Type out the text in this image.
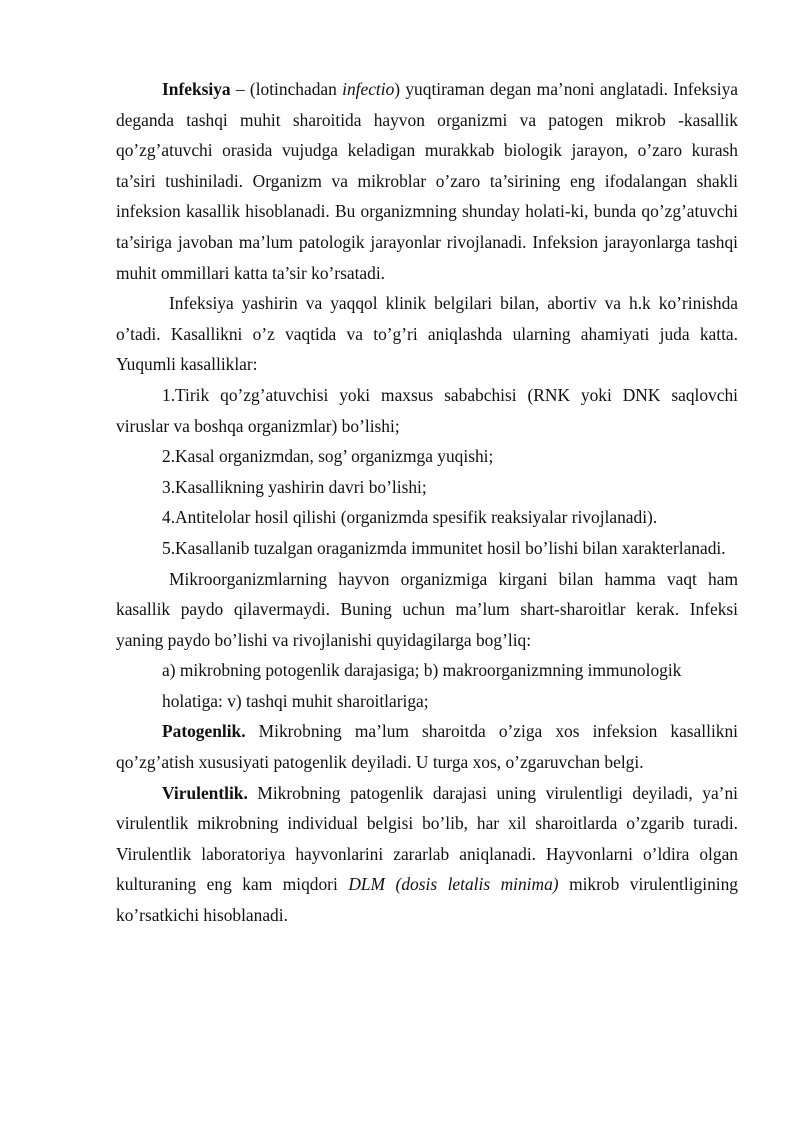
Infeksiya – (lotinchadan infectio) yuqtiraman degan ma’noni anglatadi. Infeksiya deganda tashqi muhit sharoitida hayvon organizmi va patogen mikrob -kasallik qo’zg’atuvchi orasida vujudga keladigan murakkab biologik jarayon, o’zaro kurash ta’siri tushiniladi. Organizm va mikroblar o’zaro ta’sirining eng ifodalangan shakli infeksion kasallik hisoblanadi. Bu organizmning shunday holati-ki, bunda qo’zg’atuvchi ta’siriga javoban ma’lum patologik jarayonlar rivojlanadi. Infeksion jarayonlarga tashqi muhit ommillari katta ta’sir ko’rsatadi.

Infeksiya yashirin va yaqqol klinik belgilari bilan, abortiv va h.k ko’rinishda o’tadi. Kasallikni o’z vaqtida va to’g’ri aniqlashda ularning ahamiyati juda katta. Yuqumli kasalliklar:

1.Tirik qo’zg’atuvchisi yoki maxsus sababchisi (RNK yoki DNK saqlovchi viruslar va boshqa organizmlar) bo’lishi;

2.Kasal organizmdan, sog’ organizmga yuqishi;

3.Kasallikning yashirin davri bo’lishi;

4.Antitelolar hosil qilishi (organizmda spesifik reaksiyalar rivojlanadi).

5.Kasallanib tuzalgan oraganizmda immunitet hosil bo’lishi bilan xarakterlanadi.

Mikroorganizmlarning hayvon organizmiga kirgani bilan hamma vaqt ham kasallik paydo qilavermaydi. Buning uchun ma’lum shart-sharoitlar kerak. Infeksi yaning paydo bo’lishi va rivojlanishi quyidagilarga bog’liq:

a) mikrobning potogenlik darajasiga; b) makroorganizmning immunologik

holatiga: v) tashqi muhit sharoitlariga;

Patogenlik. Mikrobning ma’lum sharoitda o’ziga xos infeksion kasallikni qo’zg’atish xususiyati patogenlik deyiladi. U turga xos, o’zgaruvchan belgi.

Virulentlik. Mikrobning patogenlik darajasi uning virulentligi deyiladi, ya’ni virulentlik mikrobning individual belgisi bo’lib, har xil sharoitlarda o’zgarib turadi. Virulentlik laboratoriya hayvonlarini zararlab aniqlanadi. Hayvonlarni o’ldira olgan kulturaning eng kam miqdori DLM (dosis letalis minima) mikrob virulentligining ko’rsatkichi hisoblanadi.
